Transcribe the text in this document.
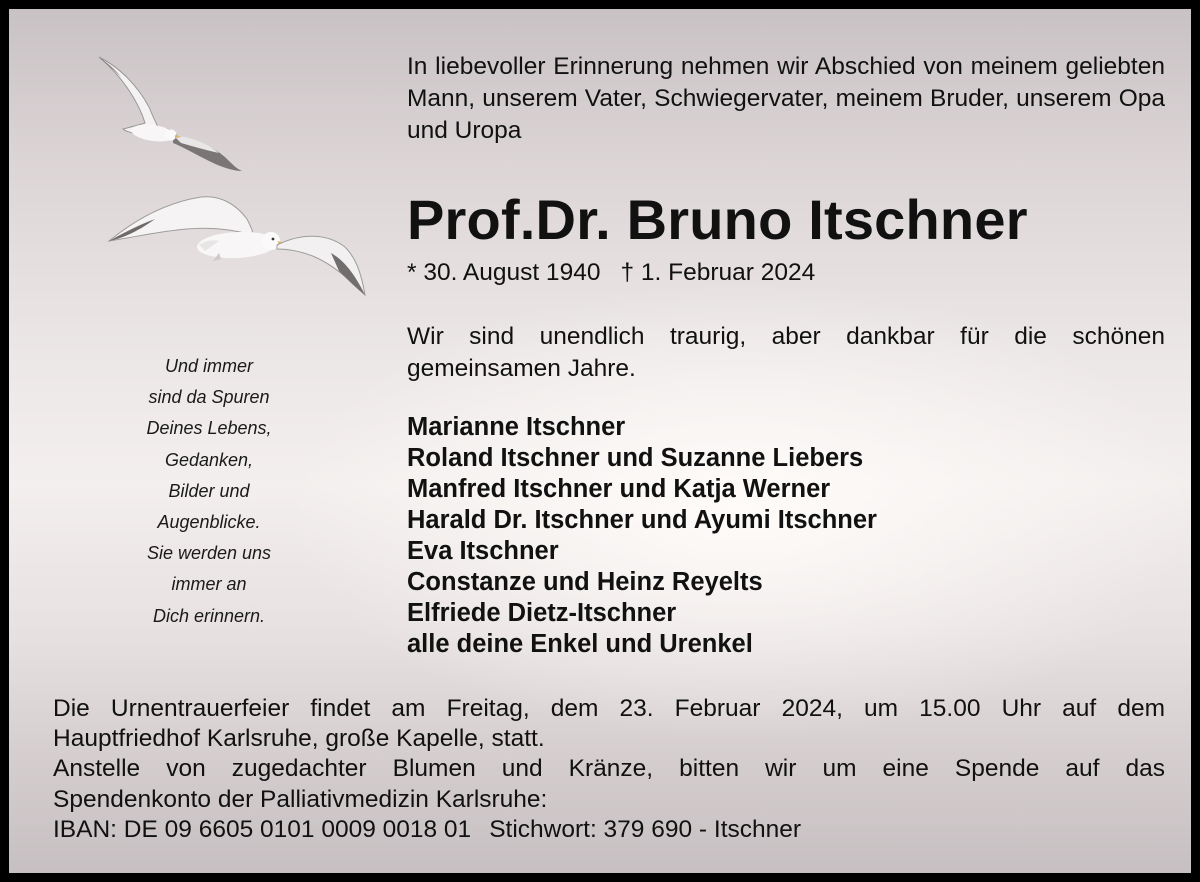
In liebevoller Erinnerung nehmen wir Abschied von meinem geliebten Mann, unserem Vater, Schwiegervater, meinem Bruder, unserem Opa und Uropa

Prof.Dr. Bruno Itschner
* 30. August 1940 † 1. Februar 2024

Wir sind unendlich traurig, aber dankbar für die schönen gemeinsamen Jahre.

Marianne Itschner
Roland Itschner und Suzanne Liebers
Manfred Itschner und Katja Werner
Harald Dr. Itschner und Ayumi Itschner
Eva Itschner
Constanze und Heinz Reyelts
Elfriede Dietz-Itschner
alle deine Enkel und Urenkel
Und immer
sind da Spuren
Deines Lebens,
Gedanken,
Bilder und
Augenblicke.
Sie werden uns
immer an
Dich erinnern.
Die Urnentrauerfeier findet am Freitag, dem 23. Februar 2024, um 15.00 Uhr auf dem
Hauptfriedhof Karlsruhe, große Kapelle, statt.
Anstelle von zugedachter Blumen und Kränze, bitten wir um eine Spende auf das
Spendenkonto der Palliativmedizin Karlsruhe:
IBAN: DE 09 6605 0101 0009 0018 01 Stichwort: 379 690 - Itschner
